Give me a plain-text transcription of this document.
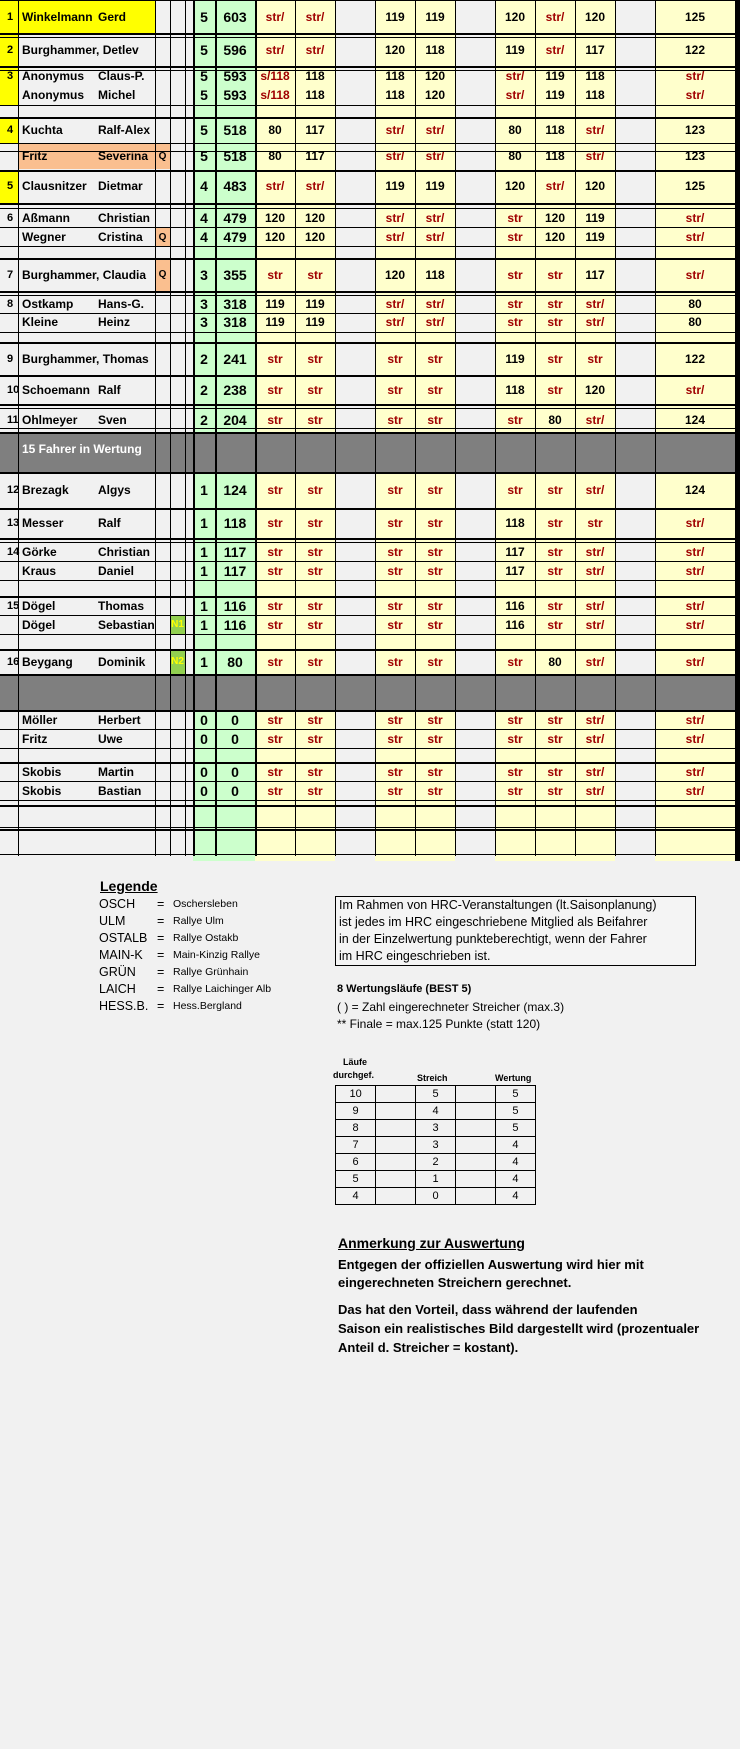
15 Fahrer in Wertung
1 Winkelmann Gerd	5	603	str/	str/	119	119	120	str/	120	125
2 Burghammer, Detlev	5	596	str/	str/	120	118	119	str/	117	122
3 Anonymus	Claus-P.	5	593	s/118	118	118	120	str/	119	118	str/
Anonymus	Michel	5	593	s/118	118	118	120	str/	119	118	str/
4 Kuchta	Ralf-Alex	5	518	80	117	str/	str/	80	118	str/	123
Fritz	Severina	Q	5	518	80	117	str/	str/	80	118	str/	123
5 Clausnitzer Dietmar	4	483	str/	str/	119	119	120	str/	120	125
6 Aßmann	Christian	4	479	120	120	str/	str/	str	120	119	str/
Wegner	Cristina	Q	4	479	120	120	str/	str/	str	120	119	str/
7 Burghammer, Claudia	Q	3	355	str	str	120	118	str	str	117	str/
8 Ostkamp	Hans-G.	3	318	119	119	str/	str/	str	str	str/	80
Kleine	Heinz	3	318	119	119	str/	str/	str	str	str/	80
9 Burghammer, Thomas	2	241	str	str	str	str	119	str	str	122
10 Schoemann Ralf	2	238	str	str	str	str	118	str	120	str/
11 Ohlmeyer	Sven	2	204	str	str	str	str	str	80	str/	124
12 Brezagk	Algys	1	124	str	str	str	str	str	str	str/	124
13 Messer	Ralf	1	118	str	str	str	str	118	str	str	str/
14 Görke	Christian	1	117	str	str	str	str	117	str	str/	str/
Kraus	Daniel	1	117	str	str	str	str	117	str	str/	str/
15 Dögel	Thomas	1	116	str	str	str	str	116	str	str/	str/
Dögel	Sebastian N1	1	116	str	str	str	str	116	str	str/	str/
16 Beygang	Dominik	N2	1	80	str	str	str	str	str	80	str/	str/
Möller	Herbert	0	0	str	str	str	str	str	str	str/	str/
Fritz	Uwe	0	0	str	str	str	str	str	str	str/	str/
Skobis	Martin	0	0	str	str	str	str	str	str	str/	str/
Skobis	Bastian	0	0	str	str	str	str	str	str	str/	str/
Legende
OSCH = Oschersleben
ULM	= Rallye Ulm
OSTALB = Rallye Ostakb
MAIN-K = Main-Kinzig Rallye
GRÜN = Rallye Grünhain
LAICH = Rallye Laichinger Alb
HESS.B. = Hess.Bergland
Im Rahmen von HRC-Veranstaltungen (lt.Saisonplanung)
ist jedes im HRC eingeschriebene Mitglied als Beifahrer
in der Einzelwertung punkteberechtigt, wenn der Fahrer
im HRC eingeschrieben ist.
8 Wertungsläufe (BEST 5)
( ) = Zahl eingerechneter Streicher (max.3)
** Finale = max.125 Punkte (statt 120)
Läufe
durchgef.	Streich	Wertung
10		5		5
9		4		5
8		3		5
7		3		4
6		2		4
5		1		4
4		0		4
Anmerkung zur Auswertung
Entgegen der offiziellen Auswertung wird hier mit
eingerechneten Streichern gerechnet.
Das hat den Vorteil, dass während der laufenden
Saison ein realistisches Bild dargestellt wird (prozentualer
Anteil d. Streicher = kostant).
